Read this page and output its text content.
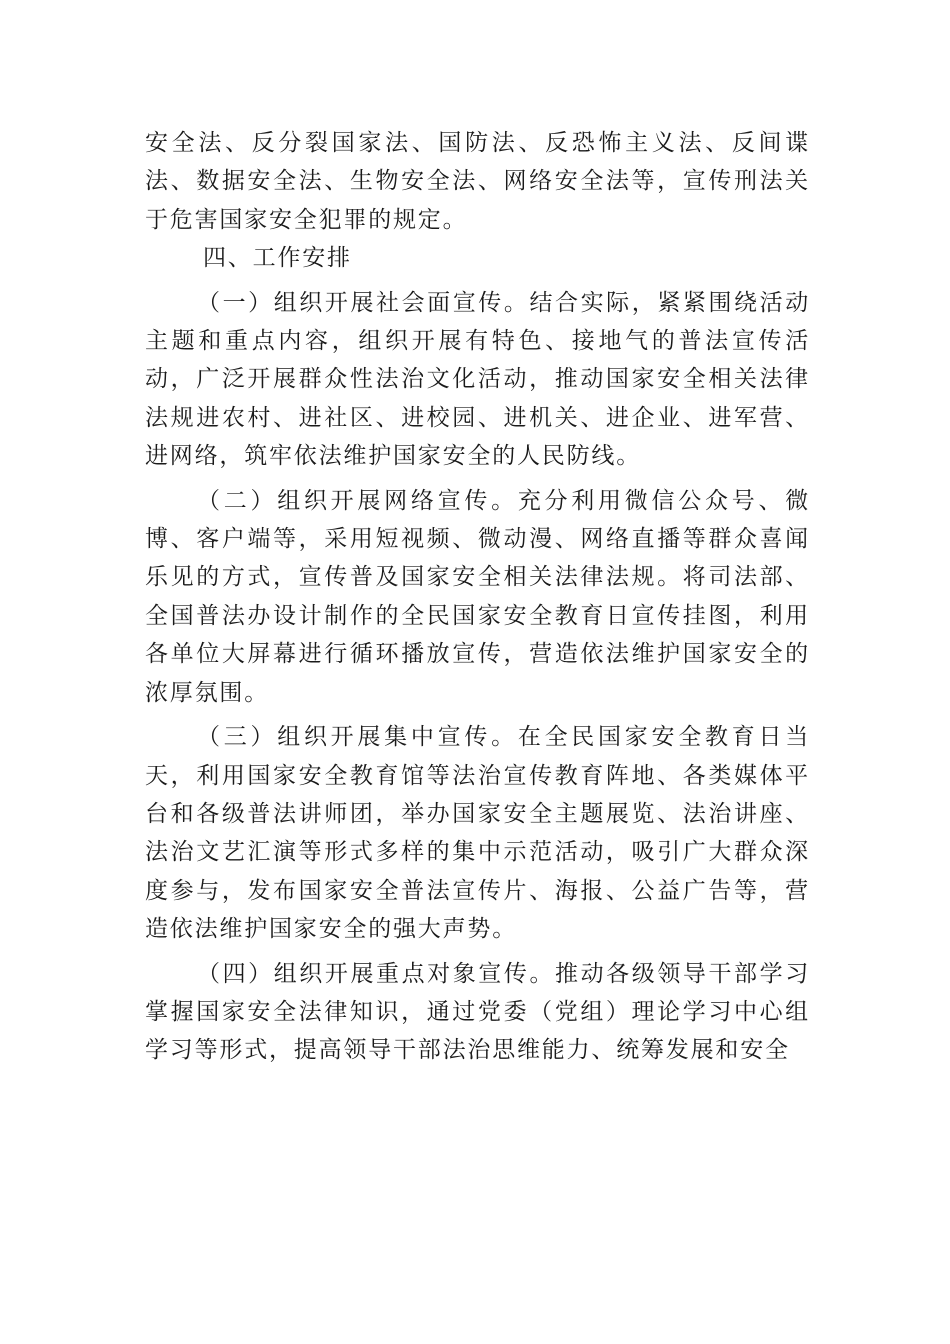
安全法、反分裂国家法、国防法、反恐怖主义法、反间谍法、数据安全法、生物安全法、网络安全法等，宣传刑法关于危害国家安全犯罪的规定。

四、工作安排

（一）组织开展社会面宣传。结合实际，紧紧围绕活动主题和重点内容，组织开展有特色、接地气的普法宣传活动，广泛开展群众性法治文化活动，推动国家安全相关法律法规进农村、进社区、进校园、进机关、进企业、进军营、进网络，筑牢依法维护国家安全的人民防线。

（二）组织开展网络宣传。充分利用微信公众号、微博、客户端等，采用短视频、微动漫、网络直播等群众喜闻乐见的方式，宣传普及国家安全相关法律法规。将司法部、全国普法办设计制作的全民国家安全教育日宣传挂图，利用各单位大屏幕进行循环播放宣传，营造依法维护国家安全的浓厚氛围。

（三）组织开展集中宣传。在全民国家安全教育日当天，利用国家安全教育馆等法治宣传教育阵地、各类媒体平台和各级普法讲师团，举办国家安全主题展览、法治讲座、法治文艺汇演等形式多样的集中示范活动，吸引广大群众深度参与，发布国家安全普法宣传片、海报、公益广告等，营造依法维护国家安全的强大声势。

（四）组织开展重点对象宣传。推动各级领导干部学习掌握国家安全法律知识，通过党委（党组）理论学习中心组学习等形式，提高领导干部法治思维能力、统筹发展和安全
